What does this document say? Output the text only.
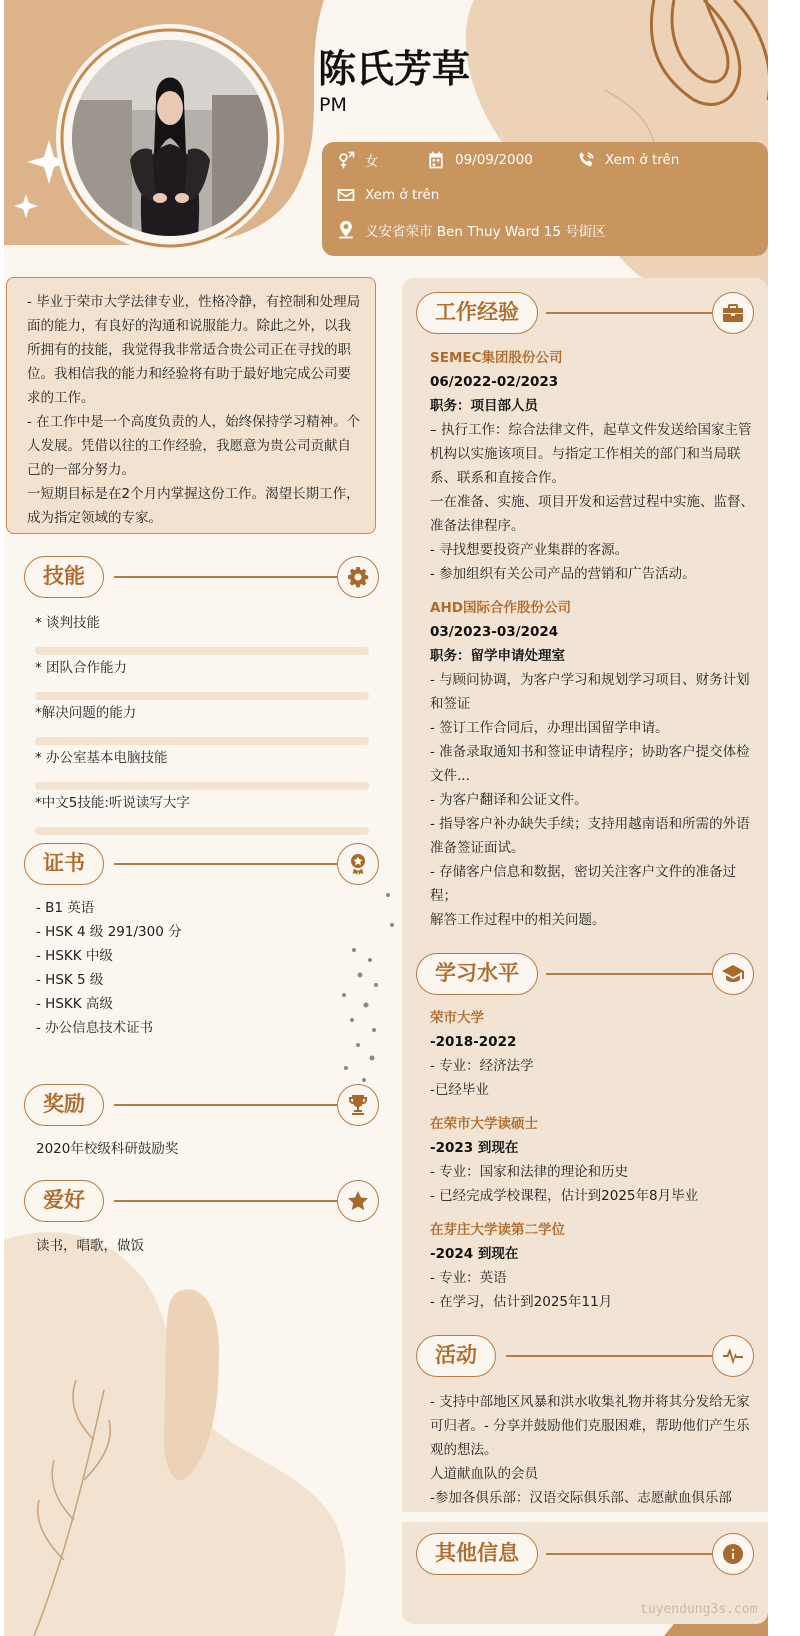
陈氏芳草
PM
女	09/09/2000	Xem ở trên
Xem ở trên
义安省荣市 Ben Thuy Ward 15 号街区

- 毕业于荣市大学法律专业，性格冷静，有控制和处理局面的能力，有良好的沟通和说服能力。除此之外，以我所拥有的技能，我觉得我非常适合贵公司正在寻找的职位。我相信我的能力和经验将有助于最好地完成公司要求的工作。

- 在工作中是一个高度负责的人，始终保持学习精神。个人发展。凭借以往的工作经验，我愿意为贵公司贡献自己的一部分努力。

一短期目标是在2个月内掌握这份工作。渴望长期工作，成为指定领域的专家。

技能
* 谈判技能
* 团队合作能力
*解决问题的能力
* 办公室基本电脑技能
*中文5技能:听说读写大字
证书
- B1 英语
- HSK 4 级 291/300 分
- HSKK 中级
- HSK 5 级
- HSKK 高级
- 办公信息技术证书
奖励
2020年校级科研鼓励奖
爱好
读书，唱歌，做饭
工作经验
SEMEC集团股份公司
06/2022-02/2023
职务：项目部人员
– 执行工作：综合法律文件，起草文件发送给国家主管机构以实施该项目。与指定工作相关的部门和当局联系、联系和直接合作。
一在准备、实施、项目开发和运营过程中实施、监督、准备法律程序。
- 寻找想要投资产业集群的客源。
- 参加组织有关公司产品的营销和广告活动。
AHD国际合作股份公司
03/2023-03/2024
职务：留学申请处理室
- 与顾问协调，为客户学习和规划学习项目、财务计划和签证
- 签订工作合同后，办理出国留学申请。
- 准备录取通知书和签证申请程序；协助客户提交体检文件...
- 为客户翻译和公证文件。
- 指导客户补办缺失手续；支持用越南语和所需的外语准备签证面试。
- 存储客户信息和数据，密切关注客户文件的准备过程；
解答工作过程中的相关问题。
学习水平
荣市大学
-2018-2022
- 专业：经济法学
-已经毕业
在荣市大学读硕士
-2023 到现在
- 专业：国家和法律的理论和历史
- 已经完成学校课程，估计到2025年8月毕业
在芽庄大学读第二学位
-2024 到现在
- 专业：英语
- 在学习，估计到2025年11月
活动
- 支持中部地区风暴和洪水收集礼物并将其分发给无家可归者。- 分享并鼓励他们克服困难，帮助他们产生乐观的想法。
人道献血队的会员
-参加各俱乐部：汉语交际俱乐部、志愿献血俱乐部
其他信息
tuyendung3s.com
